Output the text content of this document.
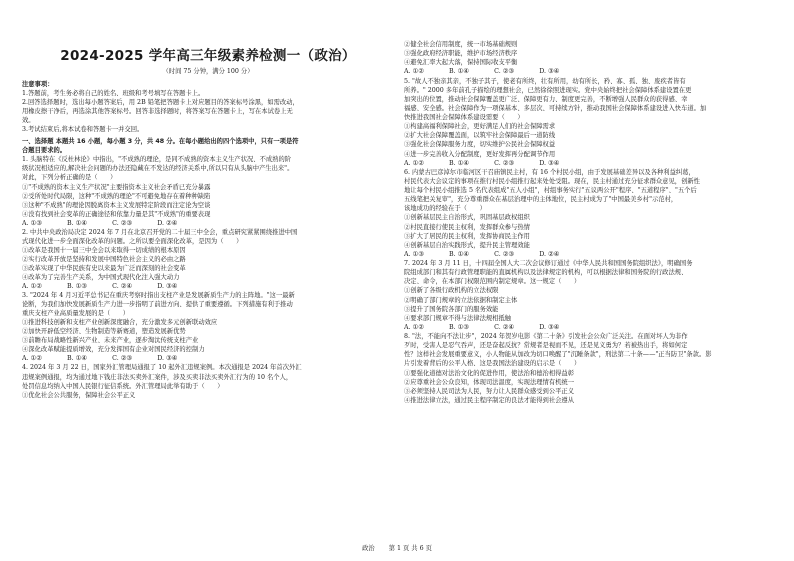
2024-2025 学年高三年级素养检测一（政治）
（时间 75 分钟，满分 100 分）
注意事项：
1.答题前，考生务必将自己的姓名、班级和考号填写在答题卡上。
2.回答选择题时，选出每小题答案后，用 2B 铅笔把答题卡上对应题目的答案标号涂黑，如需改动，
用橡皮擦干净后，再选涂其他答案标号。回答非选择题时，将答案写在答题卡上，写在本试卷上无
效。
3.考试结束后,将本试卷和答题卡一并交回。
一、选择题 本题共 16 小题，每小题 3 分，共 48 分。在每小题给出的四个选项中，只有一项是符
合题目要求的。
1. 头脑特在《反杜林论》中指出，"不成熟的理论，是同不成熟的资本主义生产状况、不成熟的阶
级状况相适应的,解决社会问题的办法还隐藏在不发达的经济关系中,所以只有从头脑中产生出来"。
对此，下列分析正确的是（　　）
①"不成熟的资本主义生产状况"主要指资本主义社会矛盾已充分暴露
②受所处时代局限，这种"不成熟的理论"不可避免地存在着种种缺陷
③这种"不成熟"的理论因脱离资本主义发展特定阶段而注定论为空谈
④没有找到社会变革的正确途径和依靠力量是其"不成熟"的重要表现
A. ①③　　　　B. ①④　　　　C. ②③　　　　D. ②④
2. 中共中央政治局决定 2024 年 7 月在北京召开党的二十届三中全会，重点研究紧紧围绕推进中国
式现代化进一步全面深化改革的问题。之所以要全面深化改革，是因为（　　）
①改革是我国十一届三中全会以来取得一切成绩的根本原因
②实行改革开放是坚持和发展中国特色社会主义的必由之路
③改革实现了中华民族有史以来最为广泛而深刻的社会变革
④改革为了完善生产关系，为中国式现代化注入强大动力
A. ①②　　　　B. ①③　　　　C. ②④　　　　D. ③④
3. "2024 年 4 月习近平总书记在重庆考察时指出支柱产业是发展新质生产力的主阵地。"这一最新
论断，为我们加快发展新质生产力进一步指明了前进方向、提供了重要遵循。下列措施有利于推动
重庆支柱产业高质量发展的是（　　）
①推进科技创新和支柱产业创新深度融合，充分激发多元创新联动效应
②加快开辟低空经济、生物制造等新赛道，塑造发展新优势
③前瞻布局战略性新兴产业、未来产业，逐步淘汰传统支柱产业
④深化改革赋能提质增效，充分发挥国有企业对国民经济的控制力
A. ①②　　　　B. ①④　　　　C. ②③　　　　D. ③④
4. 2024 年 3 月 22 日，国家外汇管理局通报了 10 起外汇违规案例。本次通报是 2024 年首次外汇
违规案例通报，均为通过地下钱庄非法买卖外汇案件，涉及买卖非法买卖外汇行为的 10 名个人，
处罚信息均纳入中国人民银行征信系统。外汇管理局此举有助于（　　）
①优化社会公共服务，保障社会公平正义
②健全社会信用制度，统一市场基础规则
③强化政府经济职能，维护市场经济秩序
④避免汇率大起大落，保持国际收支平衡
A. ①②　　　　B. ①④　　　　C. ②③　　　　D. ③④
5. "故人不独亲其亲，不独子其子，使老有所终，壮有所用，幼有所长，矜、寡、孤、独、废疾者皆有
所养。" 2000 多年前孔子描绘的理想社会，已然徐徐照进现实。党中央始终把社会保障体系建设置在更
加突出的位置，推动社会保障覆盖更广泛、保障更有力、制度更完善，不断增强人民群众的获得感、幸
福感、安全感。社会保障作为一项保基本、多层次、可持续方针，推动我国社会保障体系建设进入快车道。加
快推进我国社会保障体系建设需要（　　）
①构建高福利保障社会，更好满足人们的社会保障需求
②扩大社会保障覆盖面，以筑牢社会保障最后一道防线
③强化社会保障服务力度，切实维护公民社会保障权益
④进一步完善收入分配制度，更好发挥再分配调节作用
A. ①②　　　　B. ①④　　　　C. ②③　　　　D. ③④
6. 内蒙古巴彦淖尔市临河区干召庙镇民主村，有 16 个村民小组，由于发展基础差异以及各种利益纠葛，
村民代表大会议定的事项在推行村民小组推行起来处处受阻。现在，民主村通过充分征求群众意见，创新性
地让每个村民小组推选 5 名代表组成"五人小组"，村组事务实行"五议两公开"程序、"五道程序"、"五个后
五线笔把关复审"，充分尊重群众在基层治理中的主体地位，民主村成为了"中国最美乡村"示范村，
该地成功的经验在于（　　）
①创新基层民主自治形式，巩固基层政权组织
②村民直接行使民主权利，发挥群众参与热情
③扩大了居民的民主权利，发挥协商民主作用
④创新基层自治实践形式，提升民主管理效能
A. ①③　　　　B. ①④　　　　C. ②③　　　　D. ②④
7. 2024 年 3 月 11 日，十四届全国人大二次会议修订通过《中华人民共和国国务院组织法》，明确国务
院组成部门和其有行政管理职能的直属机构以及法律规定的机构，可以根据法律和国务院的行政法规、
决定、命令，在本部门权限范围内制定规章。这一规定（　　）
①创新了各级行政机构的立法权限
②明确了部门规章的立法依据和制定主体
③提升了国务院各部门的服务效能
④要求部门规章不得与法律法规相抵触
A. ①②　　　　B. ①③　　　　C. ②④　　　　D. ③④
8. "法，不能向不法让步"，2024 年贺岁电影《第二十条》引发社会公众广泛关注。在面对坏人为非作
歹时，受害人是忍气吞声，还是奋起反抗？常规者是视而不见，还是见义勇为？若被热出手，将如何定
性？这样社会发展重要意义，小人物能从加改为切口唤醒了"沉睡条款"，刑法第二十条——"正当防卫"条款。影
片引发着背后的公平人格、这是我国法治建设的启示是（　　）
①要强化道德对法治文化的促进作用，使法治和德治相得益彰
②应尊重社会公众良知，体现司法温度，实现法理情有机统一
③必须坚持人民司法为人民，努力让人民群众感受到公平正义
④推进法律立法，通过民主程序制定的良法才能得到社会遵从
政治 第 1 页 共 6 页
